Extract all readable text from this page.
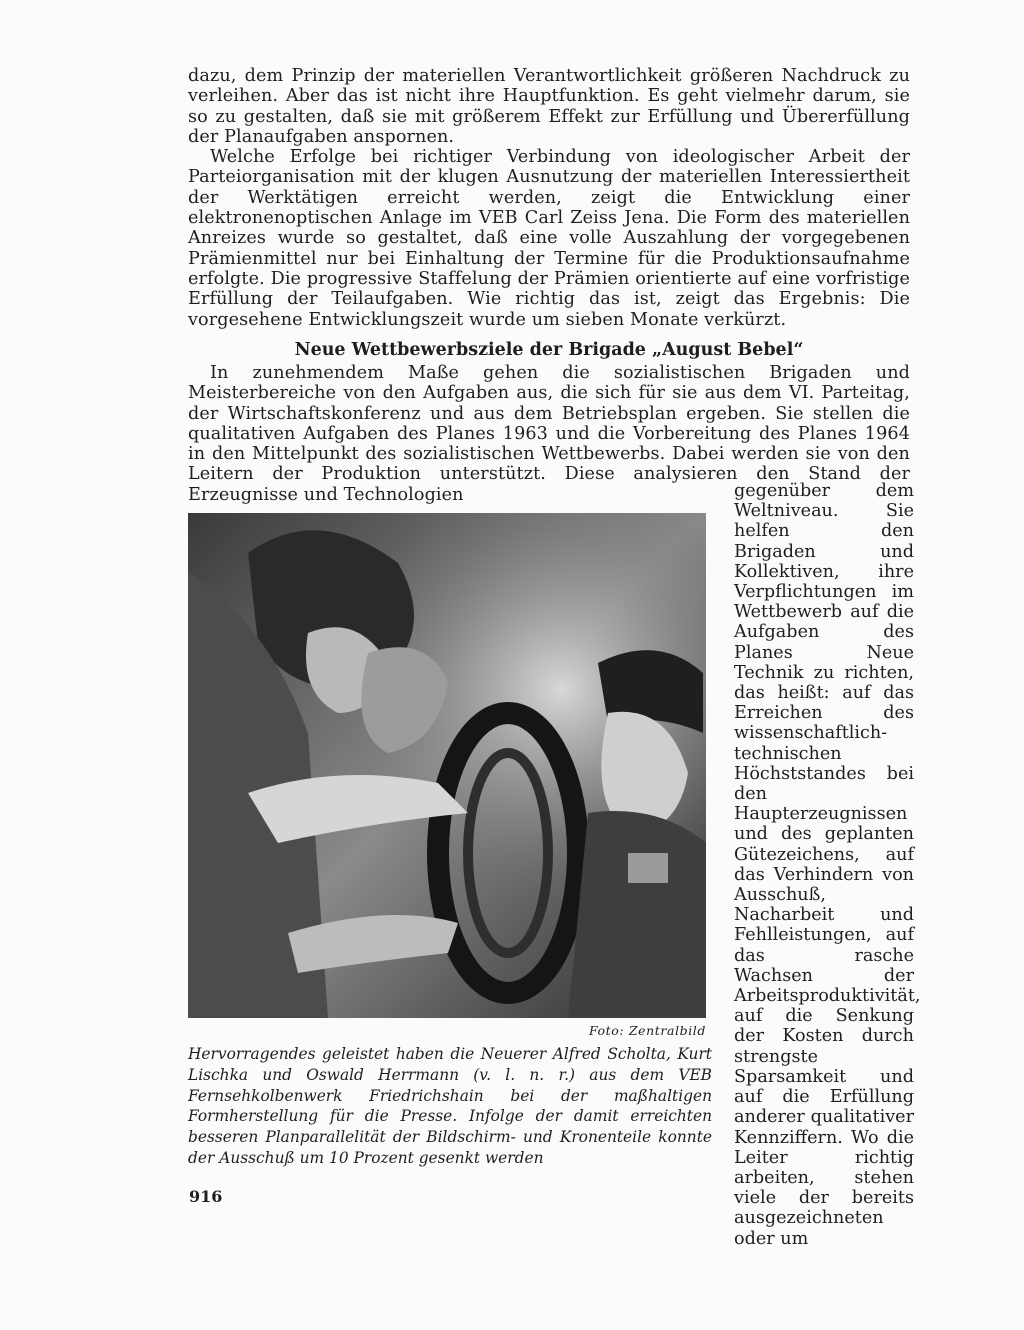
dazu, dem Prinzip der materiellen Verantwortlichkeit größeren Nachdruck zu verleihen. Aber das ist nicht ihre Hauptfunktion. Es geht vielmehr darum, sie so zu gestalten, daß sie mit größerem Effekt zur Erfüllung und Übererfüllung der Planaufgaben anspornen.

Welche Erfolge bei richtiger Verbindung von ideologischer Arbeit der Parteiorganisation mit der klugen Ausnutzung der materiellen Interessiertheit der Werktätigen erreicht werden, zeigt die Entwicklung einer elektronenoptischen Anlage im VEB Carl Zeiss Jena. Die Form des materiellen Anreizes wurde so gestaltet, daß eine volle Auszahlung der vorgegebenen Prämienmittel nur bei Einhaltung der Termine für die Produktionsaufnahme erfolgte. Die progressive Staffelung der Prämien orientierte auf eine vorfristige Erfüllung der Teilaufgaben. Wie richtig das ist, zeigt das Ergebnis: Die vorgesehene Entwicklungszeit wurde um sieben Monate verkürzt.

Neue Wettbewerbsziele der Brigade „August Bebel“

In zunehmendem Maße gehen die sozialistischen Brigaden und Meisterbereiche von den Aufgaben aus, die sich für sie aus dem VI. Parteitag, der Wirtschaftskonferenz und aus dem Betriebsplan ergeben. Sie stellen die qualitativen Aufgaben des Planes 1963 und die Vorbereitung des Planes 1964 in den Mittelpunkt des sozialistischen Wettbewerbs. Dabei werden sie von den Leitern der Produktion unterstützt. Diese analysieren den Stand der Erzeugnisse und Technologien

Foto: Zentralbild
Hervorragendes geleistet haben die Neuerer Alfred Scholta, Kurt Lischka und Oswald Herrmann (v. l. n. r.) aus dem VEB Fernsehkolbenwerk Friedrichshain bei der maßhaltigen Formherstellung für die Presse. Infolge der damit erreichten besseren Planparallelität der Bildschirm- und Kronenteile konnte der Ausschuß um 10 Prozent gesenkt werden
gegenüber dem Weltniveau. Sie helfen den Brigaden und Kollektiven, ihre Verpflichtungen im Wettbewerb auf die Aufgaben des Planes Neue Technik zu richten, das heißt: auf das Erreichen des wissenschaftlich-technischen Höchststandes bei den Haupterzeugnissen und des geplanten Gütezeichens, auf das Verhindern von Ausschuß, Nacharbeit und Fehlleistungen, auf das rasche Wachsen der Arbeitsproduktivität, auf die Senkung der Kosten durch strengste Sparsamkeit und auf die Erfüllung anderer qualitativer Kennziffern. Wo die Leiter richtig arbeiten, stehen viele der bereits ausgezeichneten oder um
916
